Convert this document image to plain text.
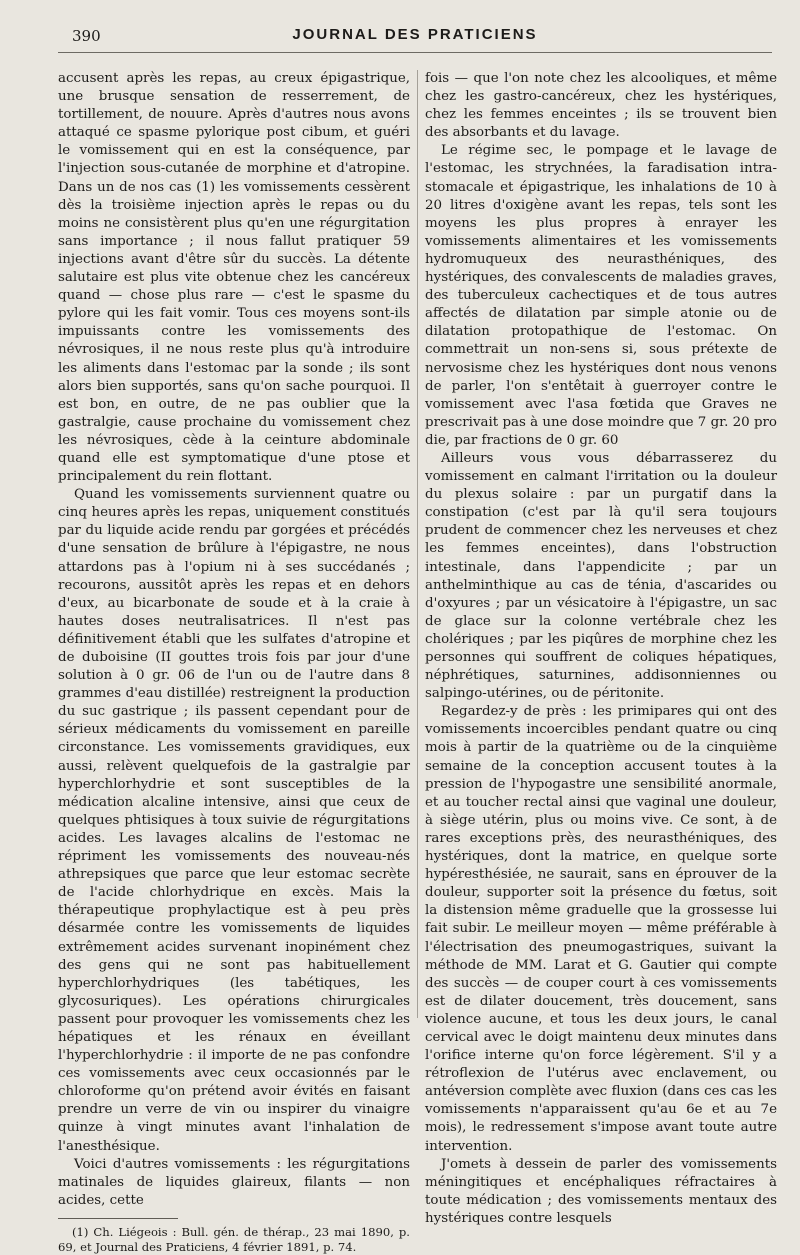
390	JOURNAL DES PRATICIENS

accusent après les repas, au creux épigastrique, une brusque sensation de resserrement, de tortillement, de nouure. Après d'autres nous avons attaqué ce spasme pylorique post cibum, et guéri le vomissement qui en est la conséquence, par l'injection sous-cutanée de morphine et d'atropine. Dans un de nos cas (1) les vomissements cessèrent dès la troisième injection après le repas ou du moins ne consistèrent plus qu'en une régurgitation sans importance ; il nous fallut pratiquer 59 injections avant d'être sûr du succès. La détente salutaire est plus vite obtenue chez les cancéreux quand — chose plus rare — c'est le spasme du pylore qui les fait vomir. Tous ces moyens sont-ils impuissants contre les vomissements des névrosiques, il ne nous reste plus qu'à introduire les aliments dans l'estomac par la sonde ; ils sont alors bien supportés, sans qu'on sache pourquoi. Il est bon, en outre, de ne pas oublier que la gastralgie, cause prochaine du vomissement chez les névrosiques, cède à la ceinture abdominale quand elle est symptomatique d'une ptose et principalement du rein flottant.

Quand les vomissements surviennent quatre ou cinq heures après les repas, uniquement constitués par du liquide acide rendu par gorgées et précédés d'une sensation de brûlure à l'épigastre, ne nous attardons pas à l'opium ni à ses succédanés ; recourons, aussitôt après les repas et en dehors d'eux, au bicarbonate de soude et à la craie à hautes doses neutralisatrices. Il n'est pas définitivement établi que les sulfates d'atropine et de duboisine (II gouttes trois fois par jour d'une solution à 0 gr. 06 de l'un ou de l'autre dans 8 grammes d'eau distillée) restreignent la production du suc gastrique ; ils passent cependant pour de sérieux médicaments du vomissement en pareille circonstance. Les vomissements gravidiques, eux aussi, relèvent quelquefois de la gastralgie par hyperchlorhydrie et sont susceptibles de la médication alcaline intensive, ainsi que ceux de quelques phtisiques à toux suivie de régurgitations acides. Les lavages alcalins de l'estomac ne répriment les vomissements des nouveau-nés athrepsiques que parce que leur estomac secrète de l'acide chlorhydrique en excès. Mais la thérapeutique prophylactique est à peu près désarmée contre les vomissements de liquides extrêmement acides survenant inopinément chez des gens qui ne sont pas habituellement hyperchlorhydriques (les tabétiques, les glycosuriques). Les opérations chirurgicales passent pour provoquer les vomissements chez les hépatiques et les rénaux en éveillant l'hyperchlorhydrie : il importe de ne pas confondre ces vomissements avec ceux occasionnés par le chloroforme qu'on prétend avoir évités en faisant prendre un verre de vin ou inspirer du vinaigre quinze à vingt minutes avant l'inhalation de l'anesthésique.

Voici d'autres vomissements : les régurgitations matinales de liquides glaireux, filants — non acides, cette

(1) Ch. Liégeois : Bull. gén. de thérap., 23 mai 1890, p. 69, et Journal des Praticiens, 4 février 1891, p. 74.

fois — que l'on note chez les alcooliques, et même chez les gastro-cancéreux, chez les hystériques, chez les femmes enceintes ; ils se trouvent bien des absorbants et du lavage.

Le régime sec, le pompage et le lavage de l'estomac, les strychnées, la faradisation intra-stomacale et épigastrique, les inhalations de 10 à 20 litres d'oxigène avant les repas, tels sont les moyens les plus propres à enrayer les vomissements alimentaires et les vomissements hydromuqueux des neurasthéniques, des hystériques, des convalescents de maladies graves, des tuberculeux cachectiques et de tous autres affectés de dilatation par simple atonie ou de dilatation protopathique de l'estomac. On commettrait un non-sens si, sous prétexte de nervosisme chez les hystériques dont nous venons de parler, l'on s'entêtait à guerroyer contre le vomissement avec l'asa fœtida que Graves ne prescrivait pas à une dose moindre que 7 gr. 20 pro die, par fractions de 0 gr. 60

Ailleurs vous vous débarrasserez du vomissement en calmant l'irritation ou la douleur du plexus solaire : par un purgatif dans la constipation (c'est par là qu'il sera toujours prudent de commencer chez les nerveuses et chez les femmes enceintes), dans l'obstruction intestinale, dans l'appendicite ; par un anthelminthique au cas de ténia, d'ascarides ou d'oxyures ; par un vésicatoire à l'épigastre, un sac de glace sur la colonne vertébrale chez les cholériques ; par les piqûres de morphine chez les personnes qui souffrent de coliques hépatiques, néphrétiques, saturnines, addisonniennes ou salpingo-utérines, ou de péritonite.

Regardez-y de près : les primipares qui ont des vomissements incoercibles pendant quatre ou cinq mois à partir de la quatrième ou de la cinquième semaine de la conception accusent toutes à la pression de l'hypogastre une sensibilité anormale, et au toucher rectal ainsi que vaginal une douleur, à siège utérin, plus ou moins vive. Ce sont, à de rares exceptions près, des neurasthéniques, des hystériques, dont la matrice, en quelque sorte hypéresthésiée, ne saurait, sans en éprouver de la douleur, supporter soit la présence du fœtus, soit la distension même graduelle que la grossesse lui fait subir. Le meilleur moyen — même préférable à l'électrisation des pneumogastriques, suivant la méthode de MM. Larat et G. Gautier qui compte des succès — de couper court à ces vomissements est de dilater doucement, très doucement, sans violence aucune, et tous les deux jours, le canal cervical avec le doigt maintenu deux minutes dans l'orifice interne qu'on force légèrement. S'il y a rétroflexion de l'utérus avec enclavement, ou antéversion complète avec fluxion (dans ces cas les vomissements n'apparaissent qu'au 6e et au 7e mois), le redressement s'impose avant toute autre intervention.

J'omets à dessein de parler des vomissements méningitiques et encéphaliques réfractaires à toute médication ; des vomissements mentaux des hystériques contre lesquels
